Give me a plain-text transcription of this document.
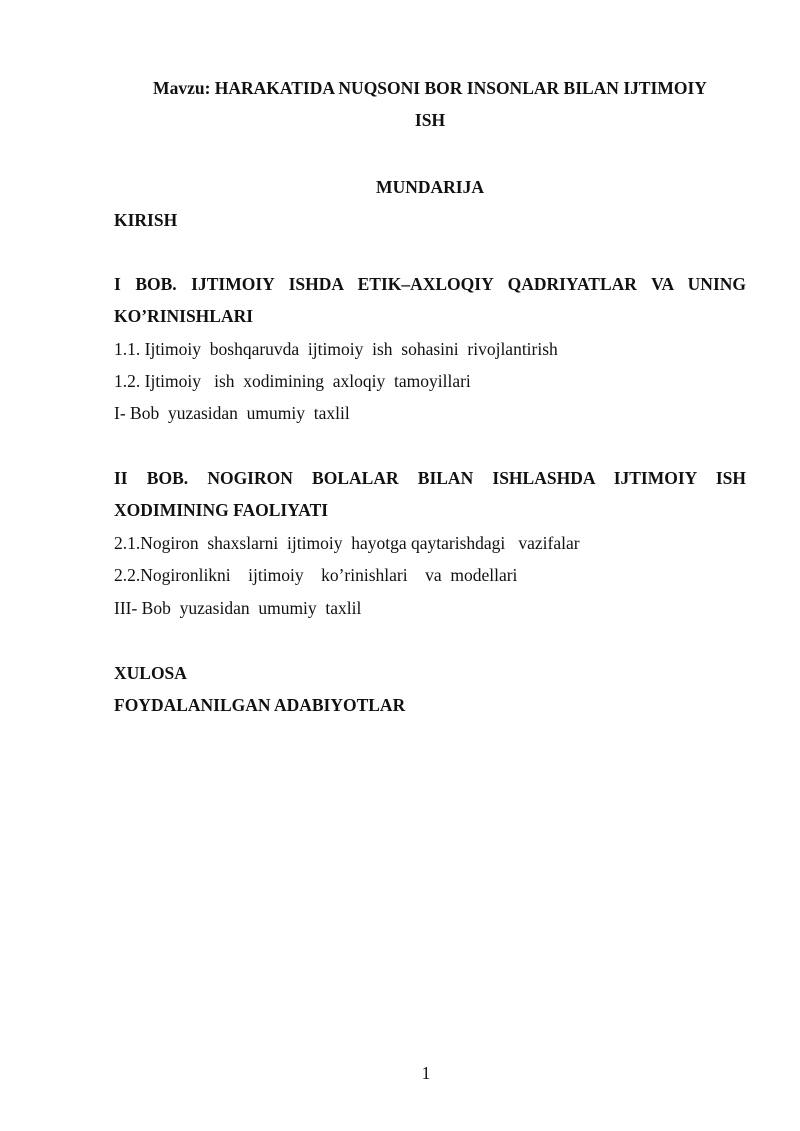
Mavzu: HARAKATIDA NUQSONI BOR INSONLAR BILAN IJTIMOIY
ISH
MUNDARIJA
KIRISH
I BOB. IJTIMOIY ISHDA ETIK–AXLOQIY QADRIYATLAR VA UNING
KO’RINISHLARI
1.1. Ijtimoiy  boshqaruvda  ijtimoiy  ish  sohasini  rivojlantirish
1.2. Ijtimoiy   ish  xodimining  axloqiy  tamoyillari
I- Bob  yuzasidan  umumiy  taxlil
II BOB. NOGIRON BOLALAR BILAN ISHLASHDA IJTIMOIY ISH
XODIMINING FAOLIYATI
2.1.Nogiron  shaxslarni  ijtimoiy  hayotga qaytarishdagi   vazifalar
2.2.Nogironlikni    ijtimoiy    ko’rinishlari    va  modellari
III- Bob  yuzasidan  umumiy  taxlil
XULOSA
FOYDALANILGAN ADABIYOTLAR
1
